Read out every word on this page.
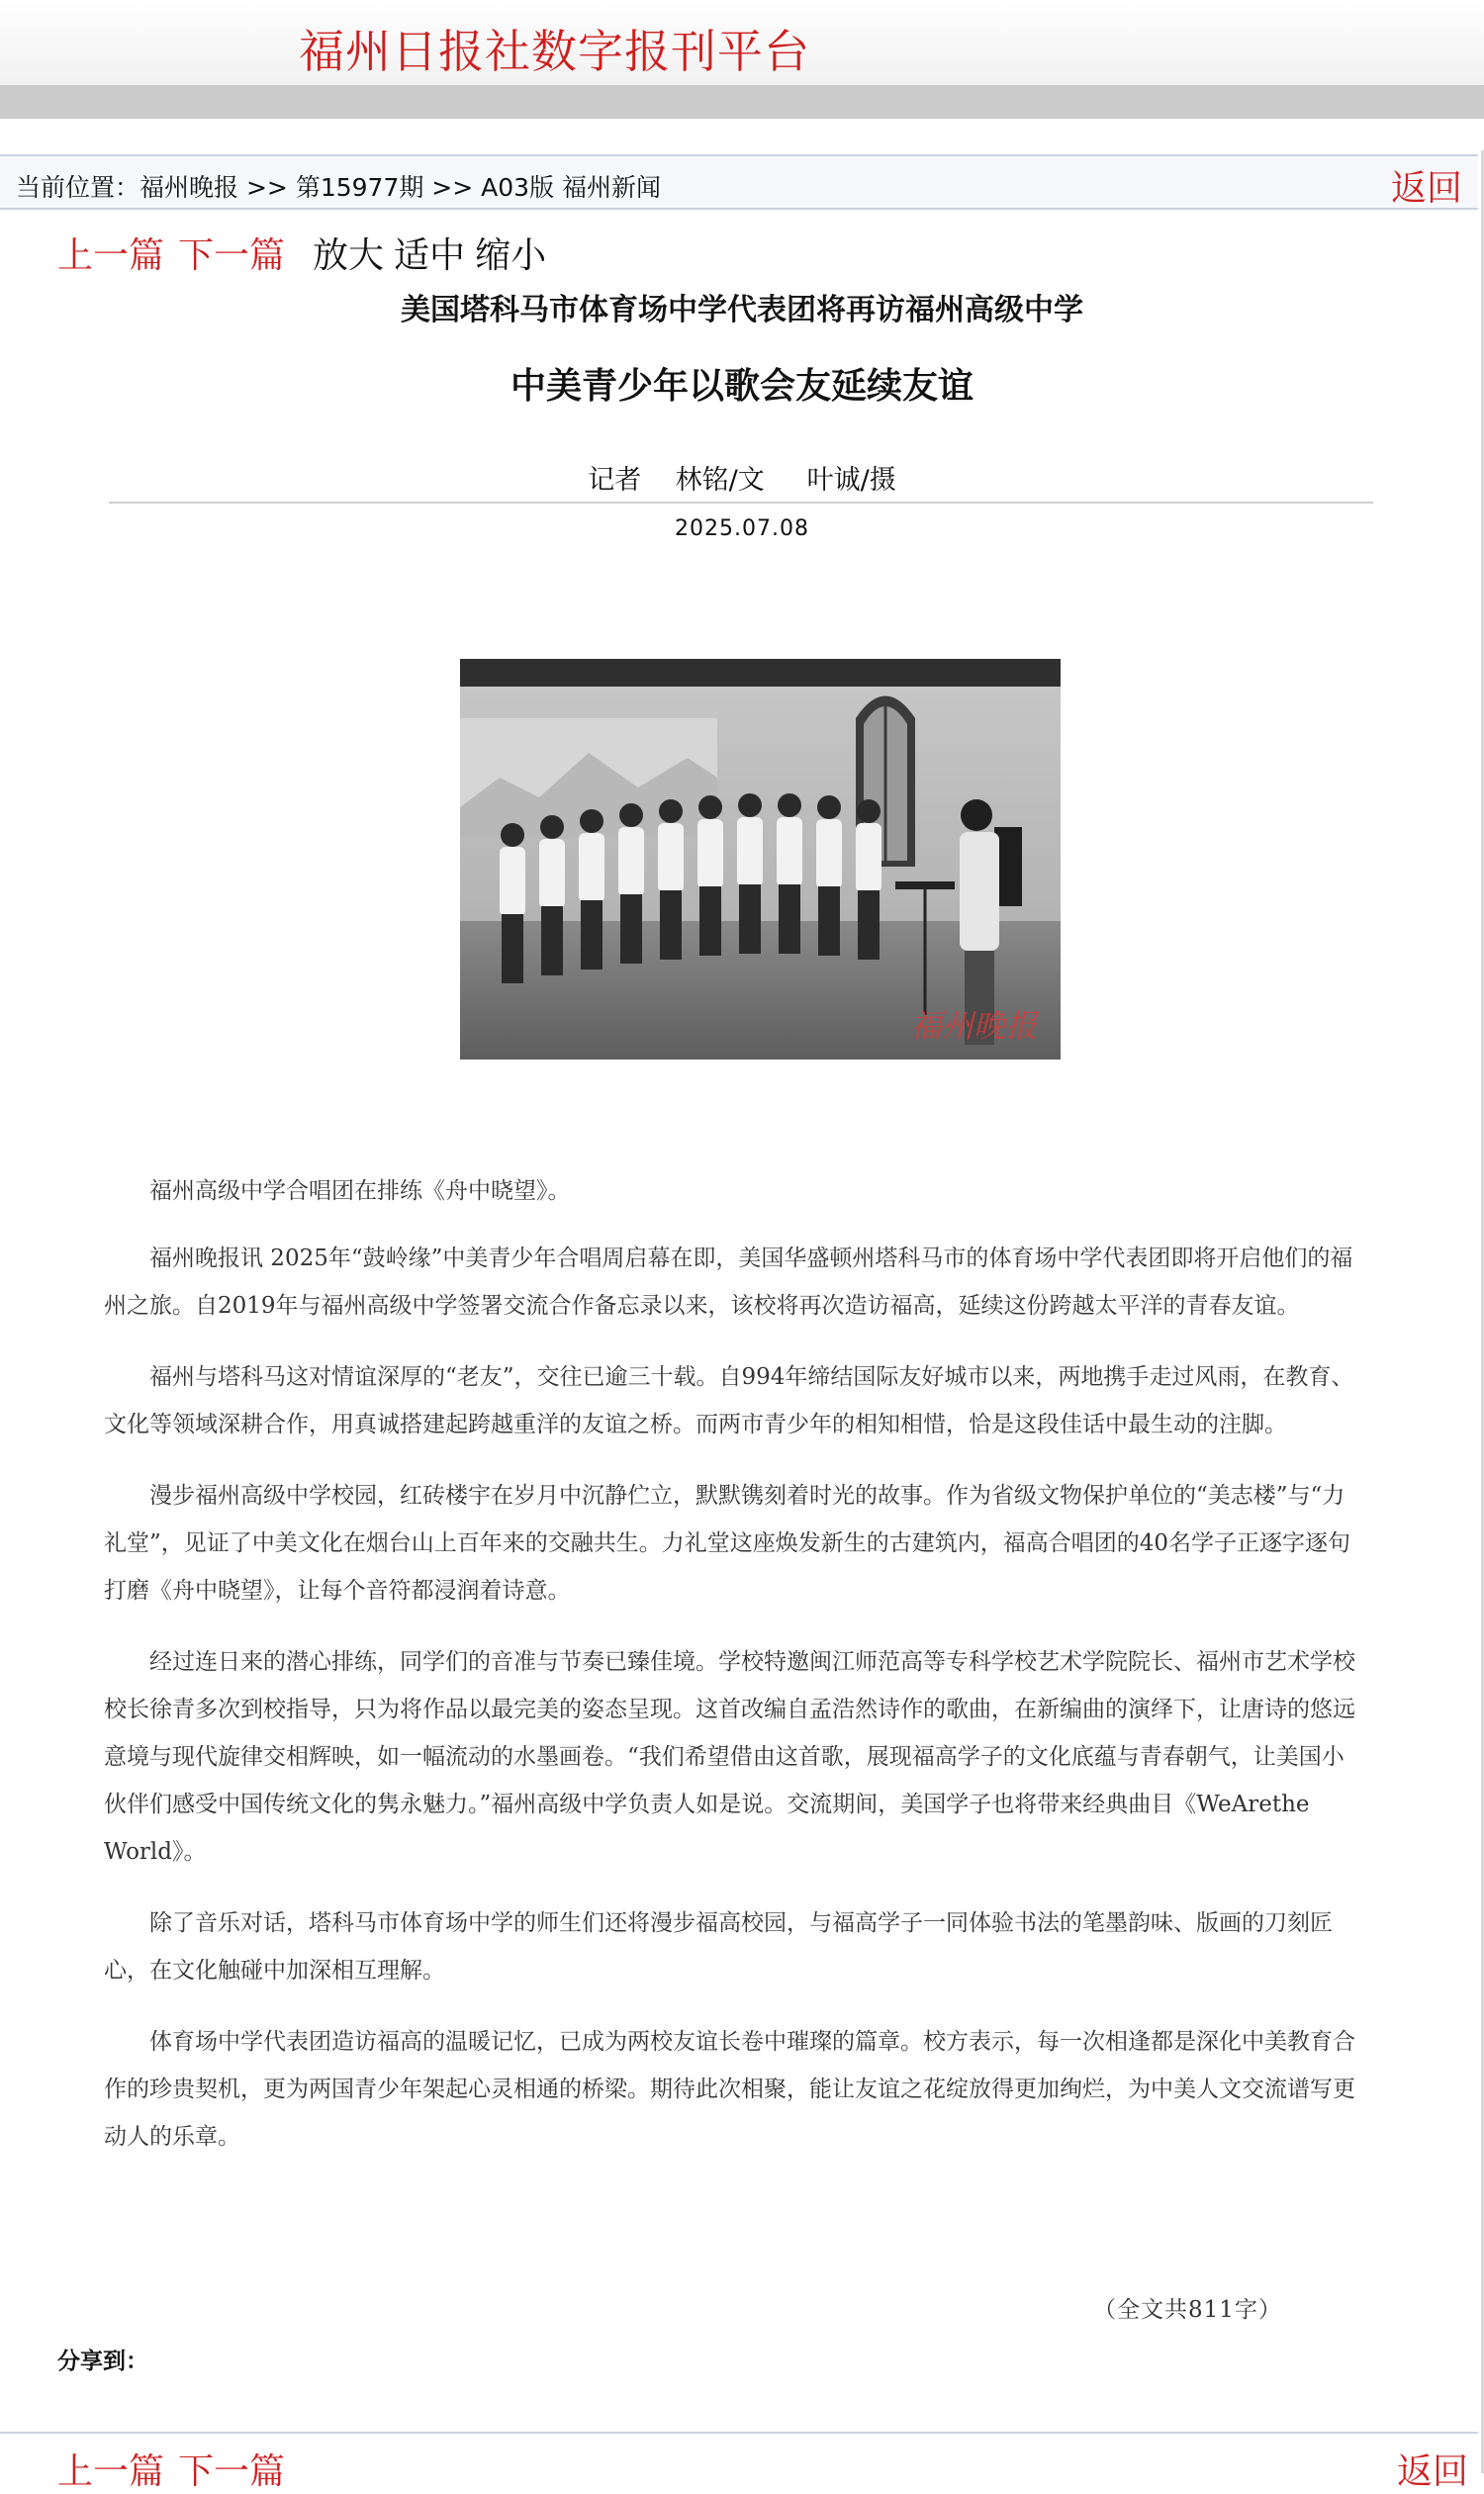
福州日报社数字报刊平台
当前位置：福州晚报 >> 第15977期 >> A03版 福州新闻	返回
上一篇 下一篇 放大 适中 缩小
美国塔科马市体育场中学代表团将再访福州高级中学
中美青少年以歌会友延续友谊
记者    林铭/文     叶诚/摄
2025.07.08
福州晚报

福州高级中学合唱团在排练《舟中晓望》。

福州晚报讯 2025年“鼓岭缘”中美青少年合唱周启幕在即，美国华盛顿州塔科马市的体育场中学代表团即将开启他们的福州之旅。自2019年与福州高级中学签署交流合作备忘录以来，该校将再次造访福高，延续这份跨越太平洋的青春友谊。

福州与塔科马这对情谊深厚的“老友”，交往已逾三十载。自994年缔结国际友好城市以来，两地携手走过风雨，在教育、文化等领域深耕合作，用真诚搭建起跨越重洋的友谊之桥。而两市青少年的相知相惜，恰是这段佳话中最生动的注脚。

漫步福州高级中学校园，红砖楼宇在岁月中沉静伫立，默默镌刻着时光的故事。作为省级文物保护单位的“美志楼”与“力礼堂”，见证了中美文化在烟台山上百年来的交融共生。力礼堂这座焕发新生的古建筑内，福高合唱团的40名学子正逐字逐句打磨《舟中晓望》，让每个音符都浸润着诗意。

经过连日来的潜心排练，同学们的音准与节奏已臻佳境。学校特邀闽江师范高等专科学校艺术学院院长、福州市艺术学校校长徐青多次到校指导，只为将作品以最完美的姿态呈现。这首改编自孟浩然诗作的歌曲，在新编曲的演绎下，让唐诗的悠远意境与现代旋律交相辉映，如一幅流动的水墨画卷。“我们希望借由这首歌，展现福高学子的文化底蕴与青春朝气，让美国小伙伴们感受中国传统文化的隽永魅力。”福州高级中学负责人如是说。交流期间，美国学子也将带来经典曲目《WeArethe World》。

除了音乐对话，塔科马市体育场中学的师生们还将漫步福高校园，与福高学子一同体验书法的笔墨韵味、版画的刀刻匠心，在文化触碰中加深相互理解。

体育场中学代表团造访福高的温暖记忆，已成为两校友谊长卷中璀璨的篇章。校方表示，每一次相逢都是深化中美教育合作的珍贵契机，更为两国青少年架起心灵相通的桥梁。期待此次相聚，能让友谊之花绽放得更加绚烂，为中美人文交流谱写更动人的乐章。

（全文共811字）
分享到：
上一篇 下一篇	返回
